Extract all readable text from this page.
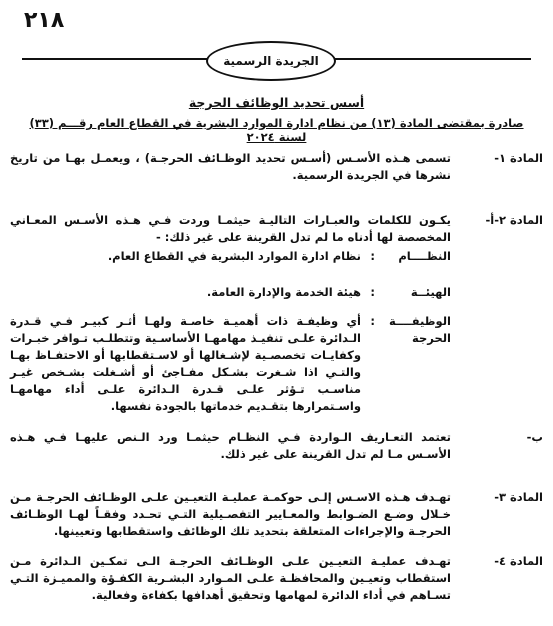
٢١٨
الجريدة الرسمية
أسس تحديد الوظائف الحرجة
صادرة بمقتضى المادة (١٣) من نظام ادارة الموارد البشرية في القطاع العام رقـــم (٣٣) لسنة ٢٠٢٤
المادة ١-
تسمى هـذه الأسـس (أسـس تحديد الوظـائف الحرجـة) ، ويعمـل بهـا من تاريخ نشرها في الجريدة الرسمية.
المادة ٢-أ-
يكـون للكلمات والعبـارات التاليـة حيثمـا وردت فـي هـذه الأسـس المعـاني المخصصة لها أدناه ما لم تدل القرينة على غير ذلك: -
النظــــام
:
نظام ادارة الموارد البشرية في القطاع العام.
الهيئــة
:
هيئة الخدمة والإدارة العامة.
الوظيفــــة الحرجة
:
أي وظيفـة ذات أهميـة خاصـة ولهـا أثـر كبيـر فـي قـدرة الـدائرة علـى تنفيـذ مهامهـا الأساسـية وتتطلـب تـوافر خبـرات وكفايـات تخصصـية لإشـغالها أو لاسـتقطابها أو الاحتفـاظ بهـا والتـي اذا شـغرت بشـكل مفـاجئ أو أشـغلت بشـخص غيـر مناسـب تـؤثر علـى قـدرة الـدائرة علـى أداء مهامهـا واسـتمرارها بتقـديم خدماتها بالجودة نفسها.
ب-
تعتمد التعـاريف الـواردة فـي النظـام حيثمـا ورد الـنص عليهـا فـي هـذه الأسـس مـا لم تدل القرينة على غير ذلك.
المادة ٣-
تهـدف هـذه الاسـس إلـى حوكمـة عمليـة التعيـين علـى الوظـائف الحرجـة مـن خـلال وضـع الضـوابط والمعـايير التفصـيلية التـي تحـدد وفقـاً لهـا الوظـائف الحرجـة والإجراءات المتعلقة بتحديد تلك الوظائف واستقطابها وتعيينها.
المادة ٤-
تهـدف عمليـة التعيـين علـى الوظـائف الحرجـة الـى تمكـين الـدائرة مـن استقطاب وتعيـين والمحافظـة علـى المـوارد البشـرية الكفـؤة والمميـزة التـي تسـاهم في أداء الدائرة لمهامها وتحقيق أهدافها بكفاءة وفعالية.
